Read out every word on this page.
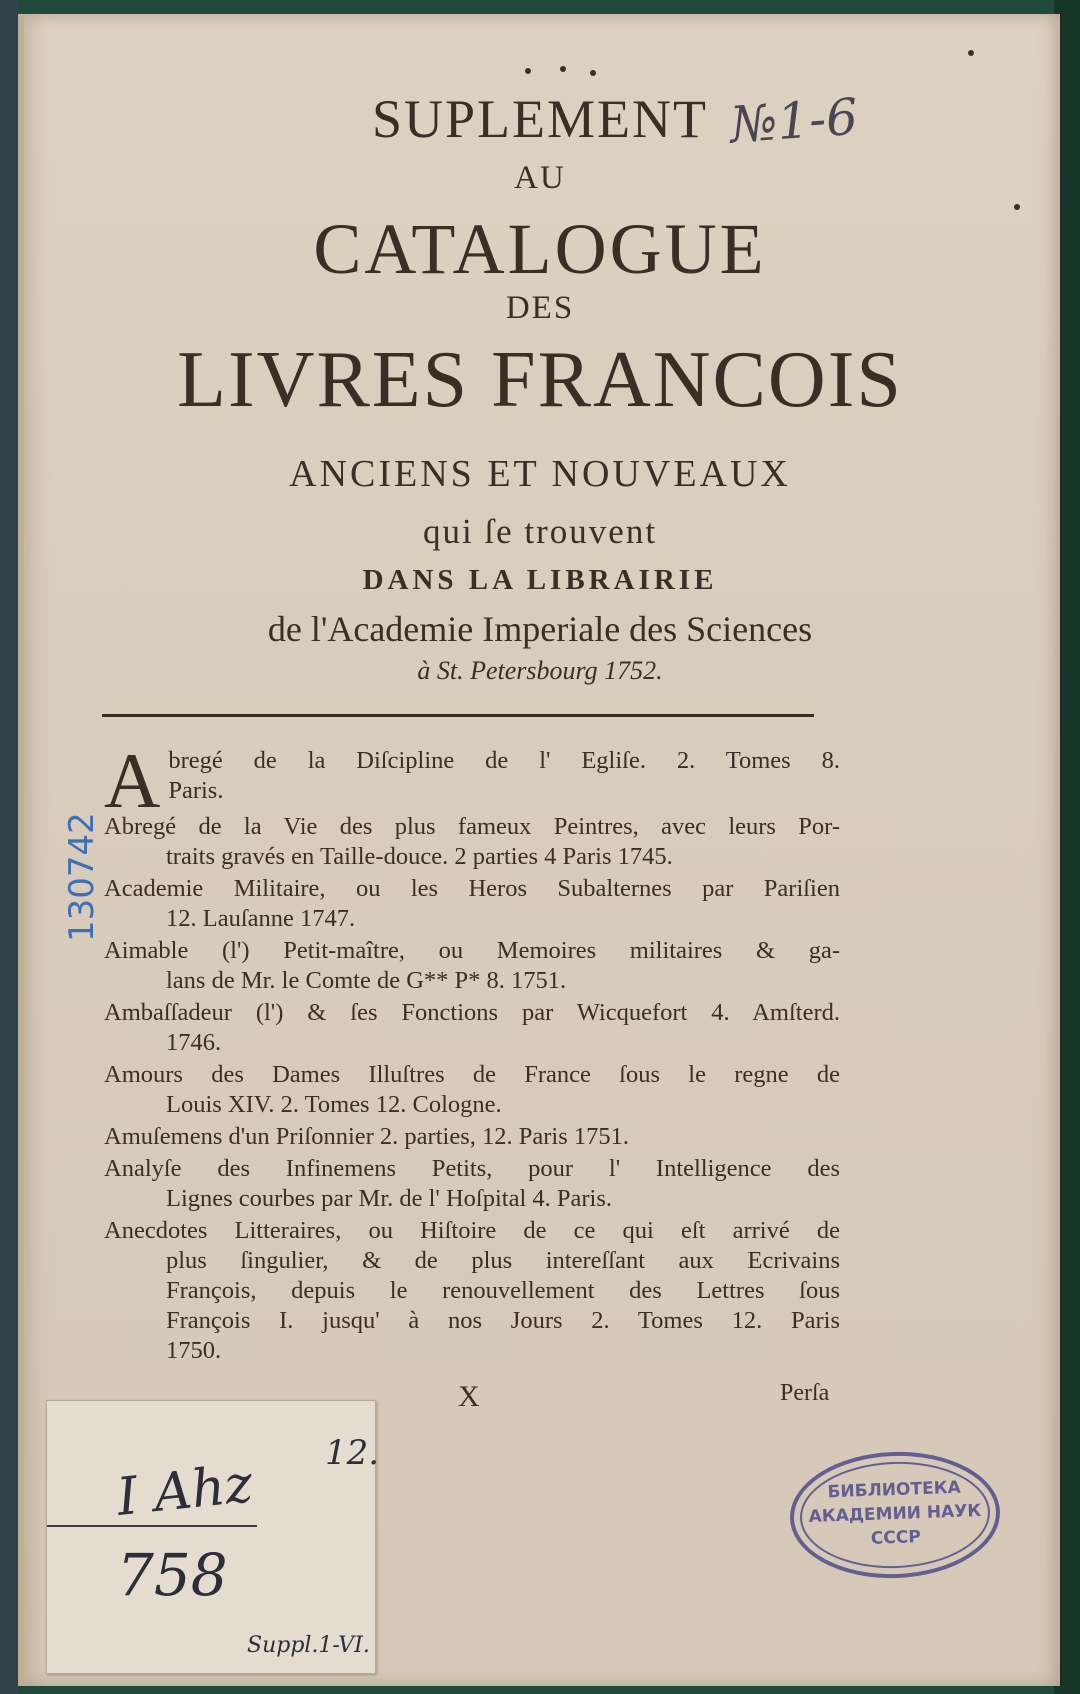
SUPLEMENT
AU
CATALOGUE
DES
LIVRES FRANCOIS
ANCIENS ET NOUVEAUX
qui ſe trouvent
DANS LA LIBRAIRIE
de l'Academie Imperiale des Sciences
à St. Petersbourg 1752.
№1-6
130742
A bregé de la Diſcipline de l' Egliſe. 2. Tomes 8.
Paris.
Abregé de la Vie des plus fameux Peintres, avec leurs Por-
traits gravés en Taille-douce. 2 parties 4 Paris 1745.
Academie Militaire, ou les Heros Subalternes par Pariſien
12. Lauſanne 1747.
Aimable (l') Petit-maître, ou Memoires militaires & ga-
lans de Mr. le Comte de G** P* 8. 1751.
Ambaſſadeur (l') & ſes Fonctions par Wicquefort 4. Amſterd.
1746.
Amours des Dames Illuſtres de France ſous le regne de
Louis XIV. 2. Tomes 12. Cologne.
Amuſemens d'un Priſonnier 2. parties, 12. Paris 1751.
Analyſe des Infinemens Petits, pour l' Intelligence des
Lignes courbes par Mr. de l' Hoſpital 4. Paris.
Anecdotes Litteraires, ou Hiſtoire de ce qui eſt arrivé de
plus ſingulier, & de plus intereſſant aux Ecrivains
François, depuis le renouvellement des Lettres ſous
François I. jusqu' à nos Jours 2. Tomes 12. Paris
1750.
X	Perſa
12.
I Ahz
758
Suppl.1-VI.
БИБЛИОТЕКА
АКАДЕМИИ НАУК
СССР
